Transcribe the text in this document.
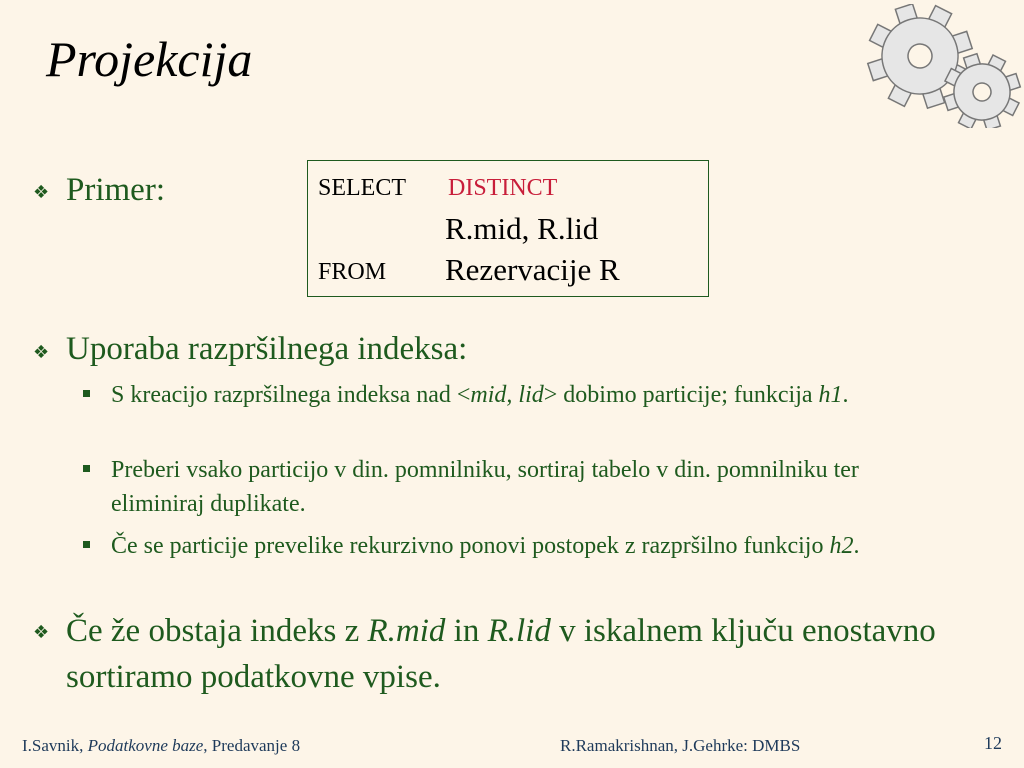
Projekcija
❖ Primer:	SELECT DISTINCT
R.mid, R.lid
FROM Rezervacije R
❖ Uporaba razpršilnega indeksa:
S kreacijo razpršilnega indeksa nad <mid, lid> dobimo particije; funkcija h1.
Preberi vsako particijo v din. pomnilniku, sortiraj tabelo v din. pomnilniku ter eliminiraj duplikate.
Če se particije prevelike rekurzivno ponovi postopek z razpršilno funkcijo h2.
❖ Če že obstaja indeks z R.mid in R.lid v iskalnem ključu enostavno sortiramo podatkovne vpise.
I.Savnik, Podatkovne baze, Predavanje 8	R.Ramakrishnan, J.Gehrke: DMBS	12
